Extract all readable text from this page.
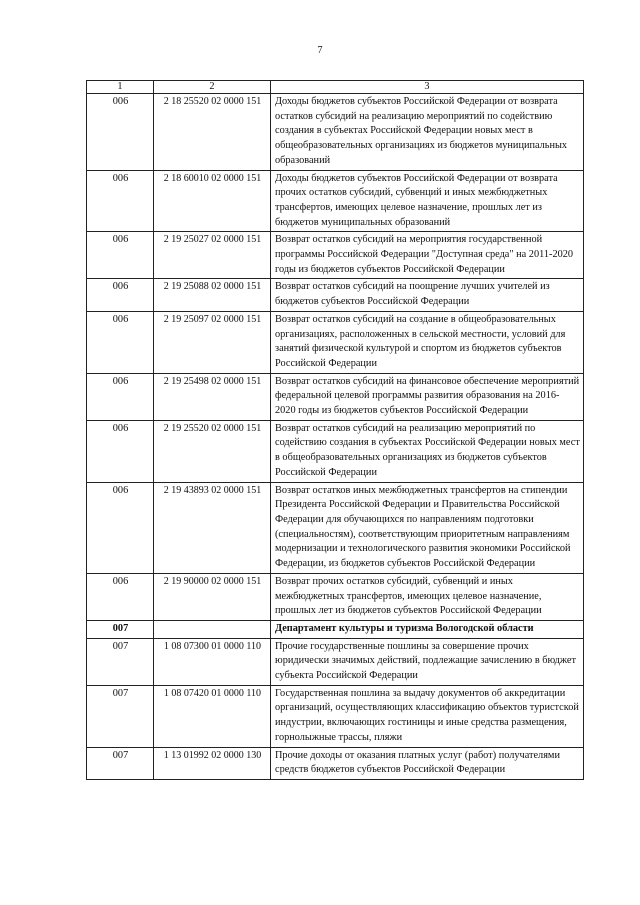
7
1	2	3
006	2 18 25520 02 0000 151	Доходы бюджетов субъектов Российской Федерации от возврата остатков субсидий на реализацию мероприятий по содействию создания в субъектах Российской Федерации новых мест в общеобразовательных организациях из бюджетов муниципальных образований
006	2 18 60010 02 0000 151	Доходы бюджетов субъектов Российской Федерации от возврата прочих остатков субсидий, субвенций и иных межбюджетных трансфертов, имеющих целевое назначение, прошлых лет из бюджетов муниципальных образований
006	2 19 25027 02 0000 151	Возврат остатков субсидий на мероприятия государственной программы Российской Федерации "Доступная среда" на 2011-2020 годы из бюджетов субъектов Российской Федерации
006	2 19 25088 02 0000 151	Возврат остатков субсидий на поощрение лучших учителей из бюджетов субъектов Российской Федерации
006	2 19 25097 02 0000 151	Возврат остатков субсидий на создание в общеобразовательных организациях, расположенных в сельской местности, условий для занятий физической культурой и спортом из бюджетов субъектов Российской Федерации
006	2 19 25498 02 0000 151	Возврат остатков субсидий на финансовое обеспечение мероприятий федеральной целевой программы развития образования на 2016-2020 годы из бюджетов субъектов Российской Федерации
006	2 19 25520 02 0000 151	Возврат остатков субсидий на реализацию мероприятий по содействию создания в субъектах Российской Федерации новых мест в общеобразовательных организациях из бюджетов субъектов Российской Федерации
006	2 19 43893 02 0000 151	Возврат остатков иных межбюджетных трансфертов на стипендии Президента Российской Федерации и Правительства Российской Федерации для обучающихся по направлениям подготовки (специальностям), соответствующим приоритетным направлениям модернизации и технологического развития экономики Российской Федерации, из бюджетов субъектов Российской Федерации
006	2 19 90000 02 0000 151	Возврат прочих остатков субсидий, субвенций и иных межбюджетных трансфертов, имеющих целевое назначение, прошлых лет из бюджетов субъектов Российской Федерации
007		Департамент культуры и туризма Вологодской области
007	1 08 07300 01 0000 110	Прочие государственные пошлины за совершение прочих юридически значимых действий, подлежащие зачислению в бюджет субъекта Российской Федерации
007	1 08 07420 01 0000 110	Государственная пошлина за выдачу документов об аккредитации организаций, осуществляющих классификацию объектов туристской индустрии, включающих гостиницы и иные средства размещения, горнолыжные трассы, пляжи
007	1 13 01992 02 0000 130	Прочие доходы от оказания платных услуг (работ) получателями средств бюджетов субъектов Российской Федерации
